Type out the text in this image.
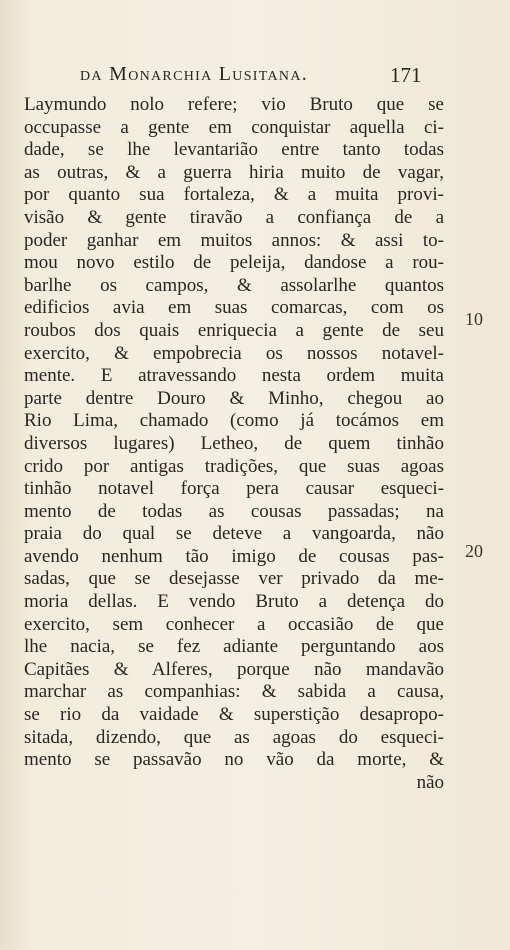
da Monarchia Lusitana.	171
Laymundo nolo refere; vio Bruto que se
occupasse a gente em conquistar aquella ci-
dade, se lhe levantarião entre tanto todas
as outras, & a guerra hiria muito de vagar,
por quanto sua fortaleza, & a muita provi-
visão & gente tiravão a confiança de a
poder ganhar em muitos annos: & assi to-
mou novo estilo de peleija, dandose a rou-
barlhe os campos, & assolarlhe quantos
edificios avia em suas comarcas, com os
roubos dos quais enriquecia a gente de seu
exercito, & empobrecia os nossos notavel-
mente. E atravessando nesta ordem muita
parte dentre Douro & Minho, chegou ao
Rio Lima, chamado (como já tocámos em
diversos lugares) Letheo, de quem tinhão
crido por antigas tradições, que suas agoas
tinhão notavel força pera causar esqueci-
mento de todas as cousas passadas; na
praia do qual se deteve a vangoarda, não
avendo nenhum tão imigo de cousas pas-
sadas, que se desejasse ver privado da me-
moria dellas. E vendo Bruto a detença do
exercito, sem conhecer a occasião de que
lhe nacia, se fez adiante perguntando aos
Capitães & Alferes, porque não mandavão
marchar as companhias: & sabida a causa,
se rio da vaidade & superstição desapropo-
sitada, dizendo, que as agoas do esqueci-
mento se passavão no vão da morte, &
não
10
20
